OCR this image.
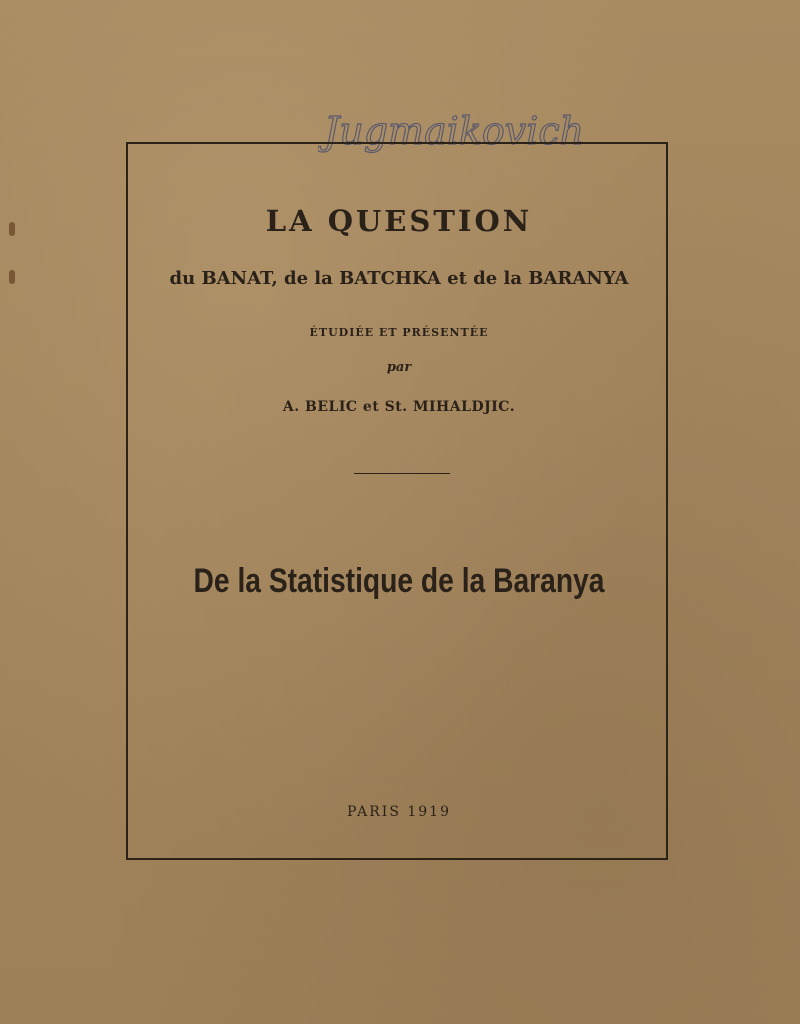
Jugmaikovich
LA QUESTION
du BANAT, de la BATCHKA et de la BARANYA
ÉTUDIÉE ET PRÉSENTÉE
par
A. BELIC et St. MIHALDJIC.
De la Statistique de la Baranya
PARIS 1919
